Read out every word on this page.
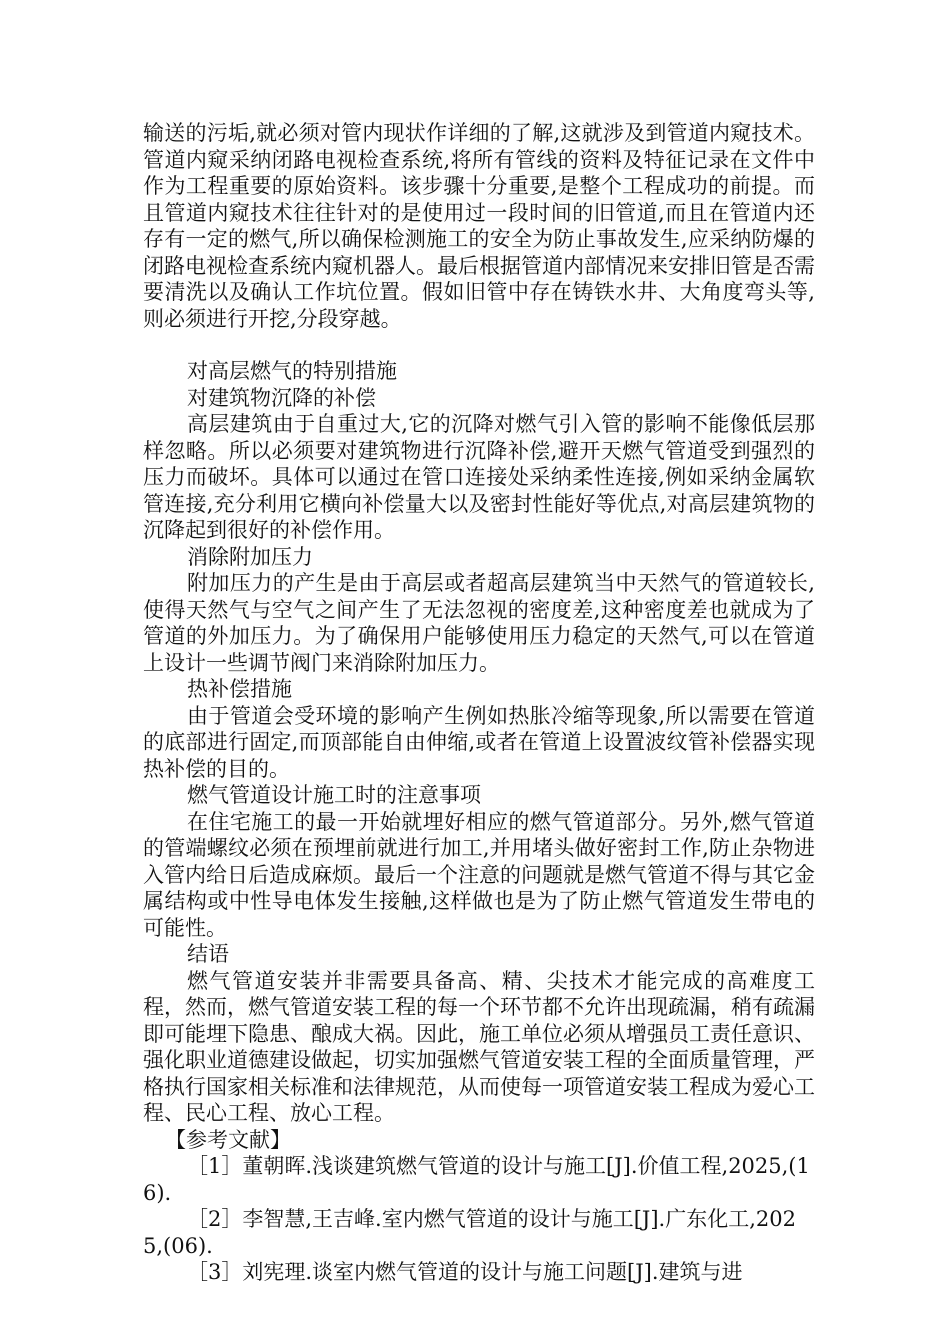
输送的污垢,就必须对管内现状作详细的了解,这就涉及到管道内窥技术。管道内窥采纳闭路电视检查系统,将所有管线的资料及特征记录在文件中作为工程重要的原始资料。该步骤十分重要,是整个工程成功的前提。而且管道内窥技术往往针对的是使用过一段时间的旧管道,而且在管道内还存有一定的燃气,所以确保检测施工的安全为防止事故发生,应采纳防爆的闭路电视检查系统内窥机器人。最后根据管道内部情况来安排旧管是否需要清洗以及确认工作坑位置。假如旧管中存在铸铁水井、大角度弯头等,则必须进行开挖,分段穿越。

对高层燃气的特别措施

对建筑物沉降的补偿

高层建筑由于自重过大,它的沉降对燃气引入管的影响不能像低层那样忽略。所以必须要对建筑物进行沉降补偿,避开天燃气管道受到强烈的压力而破坏。具体可以通过在管口连接处采纳柔性连接,例如采纳金属软管连接,充分利用它横向补偿量大以及密封性能好等优点,对高层建筑物的沉降起到很好的补偿作用。

消除附加压力

附加压力的产生是由于高层或者超高层建筑当中天然气的管道较长,使得天然气与空气之间产生了无法忽视的密度差,这种密度差也就成为了管道的外加压力。为了确保用户能够使用压力稳定的天然气,可以在管道上设计一些调节阀门来消除附加压力。

热补偿措施

由于管道会受环境的影响产生例如热胀冷缩等现象,所以需要在管道的底部进行固定,而顶部能自由伸缩,或者在管道上设置波纹管补偿器实现热补偿的目的。

燃气管道设计施工时的注意事项

在住宅施工的最一开始就埋好相应的燃气管道部分。另外,燃气管道的管端螺纹必须在预埋前就进行加工,并用堵头做好密封工作,防止杂物进入管内给日后造成麻烦。最后一个注意的问题就是燃气管道不得与其它金属结构或中性导电体发生接触,这样做也是为了防止燃气管道发生带电的可能性。

结语

燃气管道安装并非需要具备高、精、尖技术才能完成的高难度工程，然而，燃气管道安装工程的每一个环节都不允许出现疏漏，稍有疏漏即可能埋下隐患、酿成大祸。因此，施工单位必须从增强员工责任意识、强化职业道德建设做起，切实加强燃气管道安装工程的全面质量管理，严格执行国家相关标准和法律规范，从而使每一项管道安装工程成为爱心工程、民心工程、放心工程。

【参考文献】

［1］董朝晖.浅谈建筑燃气管道的设计与施工[J].价值工程,2025,(16).

［2］李智慧,王吉峰.室内燃气管道的设计与施工[J].广东化工,2025,(06).

［3］刘宪理.谈室内燃气管道的设计与施工问题[J].建筑与进
